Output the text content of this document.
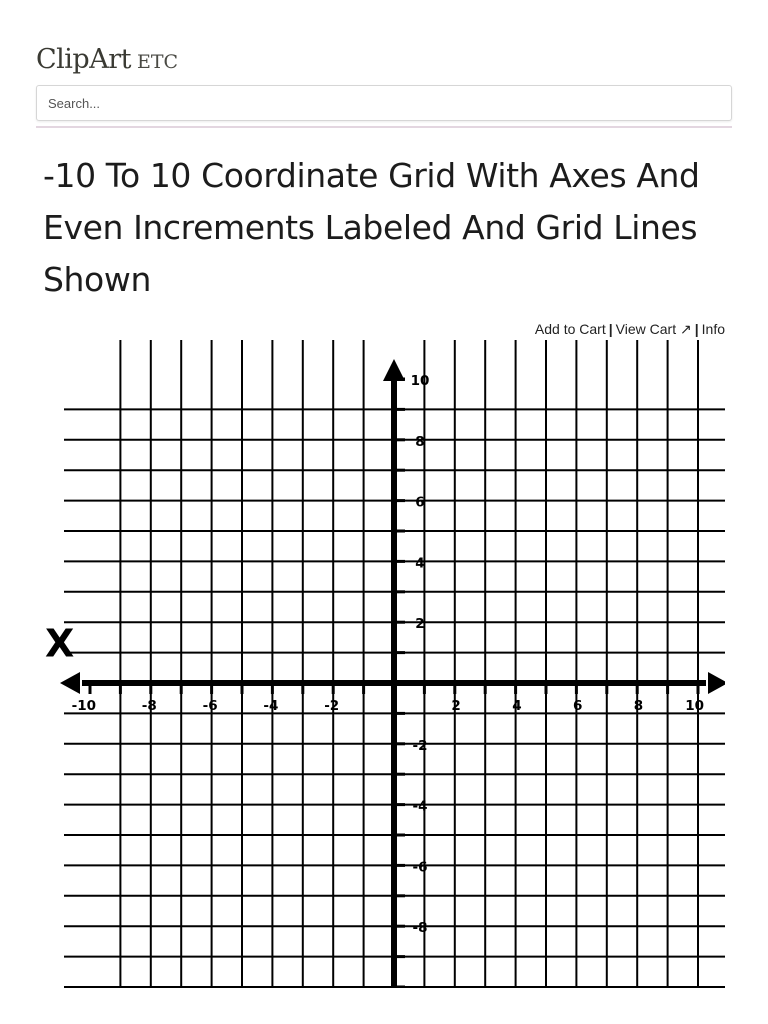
ClipArt ETC
Search...
-10 To 10 Coordinate Grid With Axes And Even Increments Labeled And Grid Lines Shown
Add to Cart | View Cart ↗ | Info
-10	-8	-6	-4	-2	2	4	6	8	10
10
8
6
4
2
-2
-4
-6
-8
X
